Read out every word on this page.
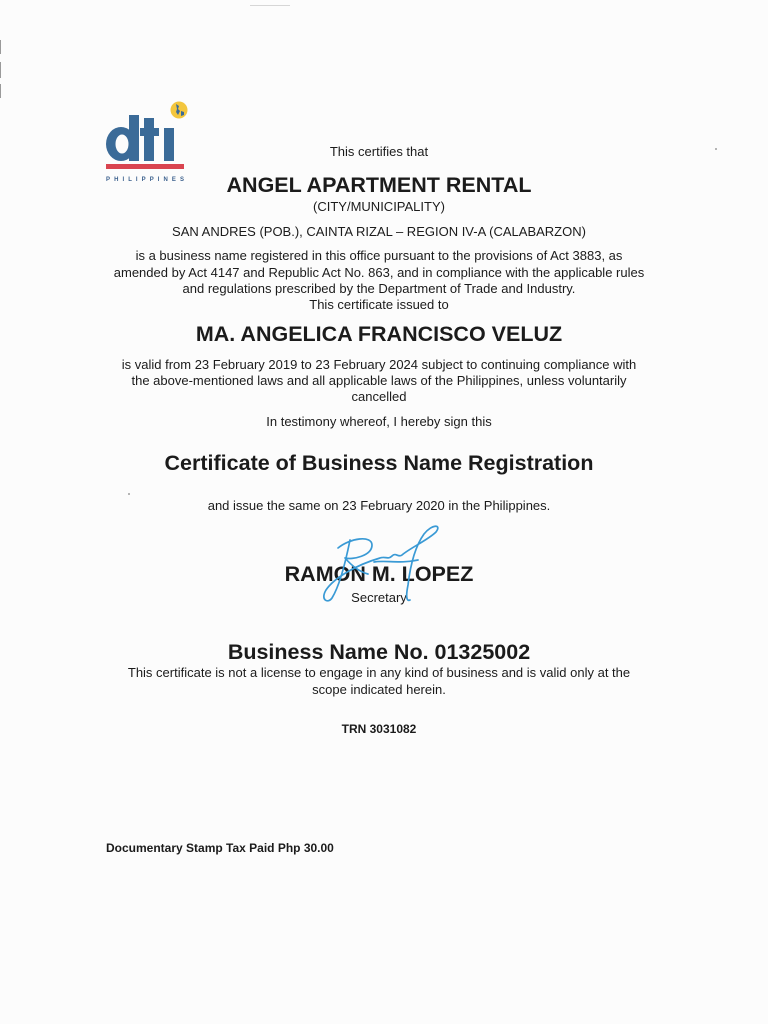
PHILIPPINES
This certifies that
ANGEL APARTMENT RENTAL
(CITY/MUNICIPALITY)
SAN ANDRES (POB.), CAINTA RIZAL – REGION IV-A (CALABARZON)
is a business name registered in this office pursuant to the provisions of Act 3883, as
amended by Act 4147 and Republic Act No. 863, and in compliance with the applicable rules
and regulations prescribed by the Department of Trade and Industry.
This certificate issued to
MA. ANGELICA FRANCISCO VELUZ
is valid from 23 February 2019 to 23 February 2024 subject to continuing compliance with
the above-mentioned laws and all applicable laws of the Philippines, unless voluntarily
cancelled
In testimony whereof, I hereby sign this
Certificate of Business Name Registration
and issue the same on 23 February 2020 in the Philippines.
RAMON M. LOPEZ
Secretary
Business Name No. 01325002
This certificate is not a license to engage in any kind of business and is valid only at the
scope indicated herein.
TRN 3031082
Documentary Stamp Tax Paid Php 30.00
